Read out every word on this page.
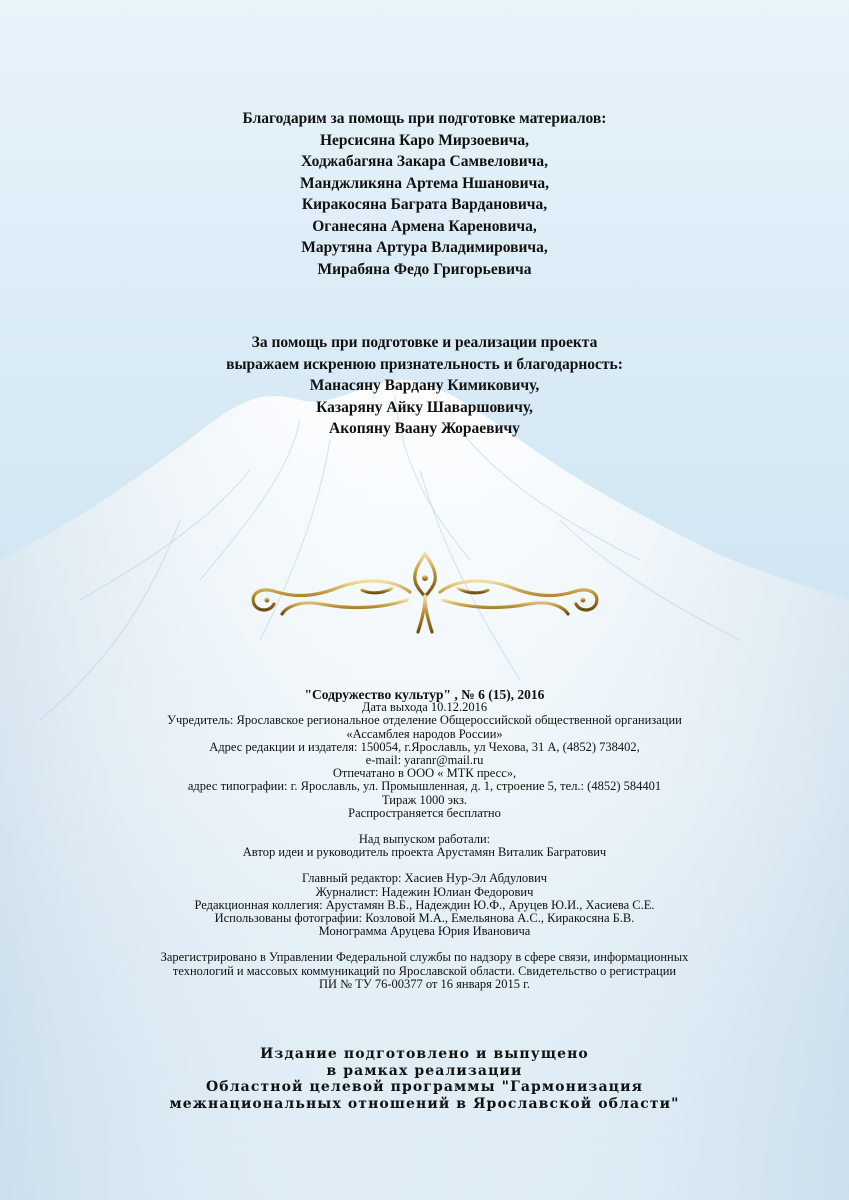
Благодарим за помощь при подготовке материалов:
Нерсисяна Каро Мирзоевича,
Ходжабагяна Закара Самвеловича,
Манджликяна Артема Ншановича,
Киракосяна Баграта Вардановича,
Оганесяна Армена Кареновича,
Марутяна Артура Владимировича,
Мирабяна Федо Григорьевича
За помощь при подготовке и реализации проекта
выражаем искренюю признательность и благодарность:
Манасяну Вардану Кимиковичу,
Казаряну Айку Шаваршовичу,
Акопяну Ваану Жораевичу
"Содружество культур" , № 6 (15), 2016
Дата выхода 10.12.2016
Учредитель: Ярославское региональное отделение Общероссийской общественной организации
«Ассамблея народов России»
Адрес редакции и издателя: 150054, г.Ярославль, ул Чехова, 31 А, (4852) 738402,
e-mail: yaranr@mail.ru
Отпечатано в ООО « МТК пресс»,
адрес типографии: г. Ярославль, ул. Промышленная, д. 1, строение 5, тел.: (4852) 584401
Тираж 1000 экз.
Распространяется бесплатно
Над выпуском работали:
Автор идеи и руководитель проекта Арустамян Виталик Багратович
Главный редактор: Хасиев Нур-Эл Абдулович
Журналист: Надежин Юлиан Федорович
Редакционная коллегия: Арустамян В.Б., Надеждин Ю.Ф., Аруцев Ю.И., Хасиева С.Е.
Использованы фотографии: Козловой М.А., Емельянова А.С., Киракосяна Б.В.
Монограмма Аруцева Юрия Ивановича
Зарегистрировано в Управлении Федеральной службы по надзору в сфере связи, информационных
технологий и массовых коммуникаций по Ярославской области. Свидетельство о регистрации
ПИ № ТУ 76-00377 от 16 января 2015 г.
Издание подготовлено и выпущено
в рамках реализации
Областной целевой программы "Гармонизация
межнациональных отношений в Ярославской области"
